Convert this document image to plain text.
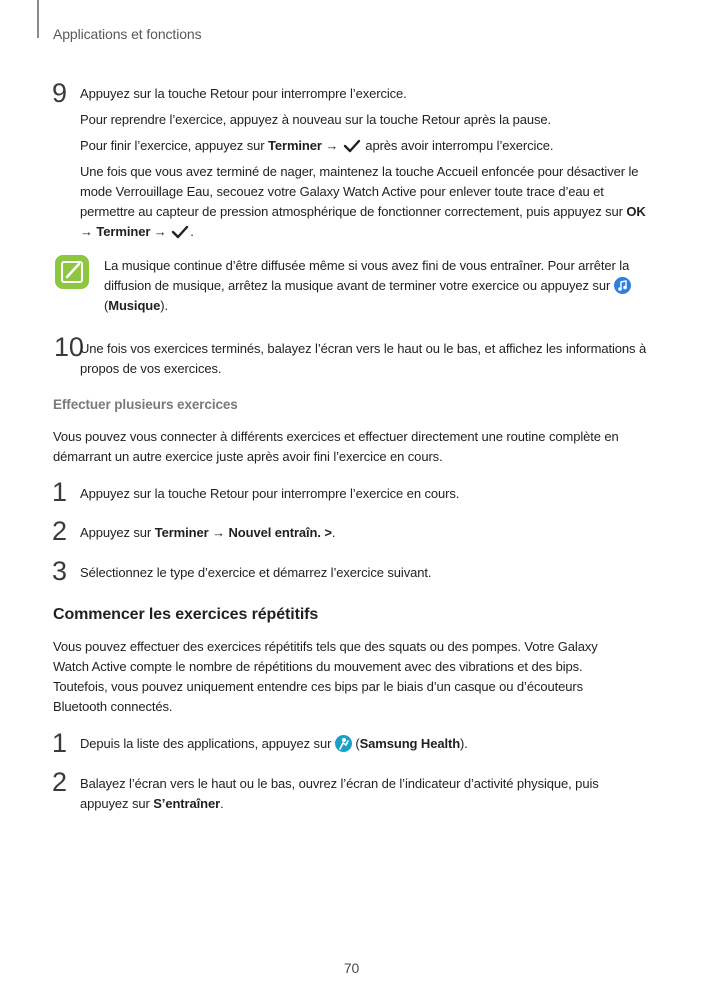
Applications et fonctions
9 Appuyez sur la touche Retour pour interrompre l’exercice.
Pour reprendre l’exercice, appuyez à nouveau sur la touche Retour après la pause.
Pour finir l’exercice, appuyez sur Terminer →  après avoir interrompu l’exercice.
Une fois que vous avez terminé de nager, maintenez la touche Accueil enfoncée pour désactiver le mode Verrouillage Eau, secouez votre Galaxy Watch Active pour enlever toute trace d’eau et permettre au capteur de pression atmosphérique de fonctionner correctement, puis appuyez sur OK → Terminer → .
La musique continue d’être diffusée même si vous avez fini de vous entraîner. Pour arrêter la diffusion de musique, arrêtez la musique avant de terminer votre exercice ou appuyez sur  (Musique).
10
Une fois vos exercices terminés, balayez l’écran vers le haut ou le bas, et affichez les informations à propos de vos exercices.
Effectuer plusieurs exercices
Vous pouvez vous connecter à différents exercices et effectuer directement une routine complète en démarrant un autre exercice juste après avoir fini l’exercice en cours.
1 Appuyez sur la touche Retour pour interrompre l’exercice en cours.
2 Appuyez sur Terminer → Nouvel entraîn. >.
3 Sélectionnez le type d’exercice et démarrez l’exercice suivant.
Commencer les exercices répétitifs
Vous pouvez effectuer des exercices répétitifs tels que des squats ou des pompes. Votre Galaxy Watch Active compte le nombre de répétitions du mouvement avec des vibrations et des bips. Toutefois, vous pouvez uniquement entendre ces bips par le biais d’un casque ou d’écouteurs Bluetooth connectés.
1 Depuis la liste des applications, appuyez sur  (Samsung Health).
2 Balayez l’écran vers le haut ou le bas, ouvrez l’écran de l’indicateur d’activité physique, puis appuyez sur S’entraîner.
70
